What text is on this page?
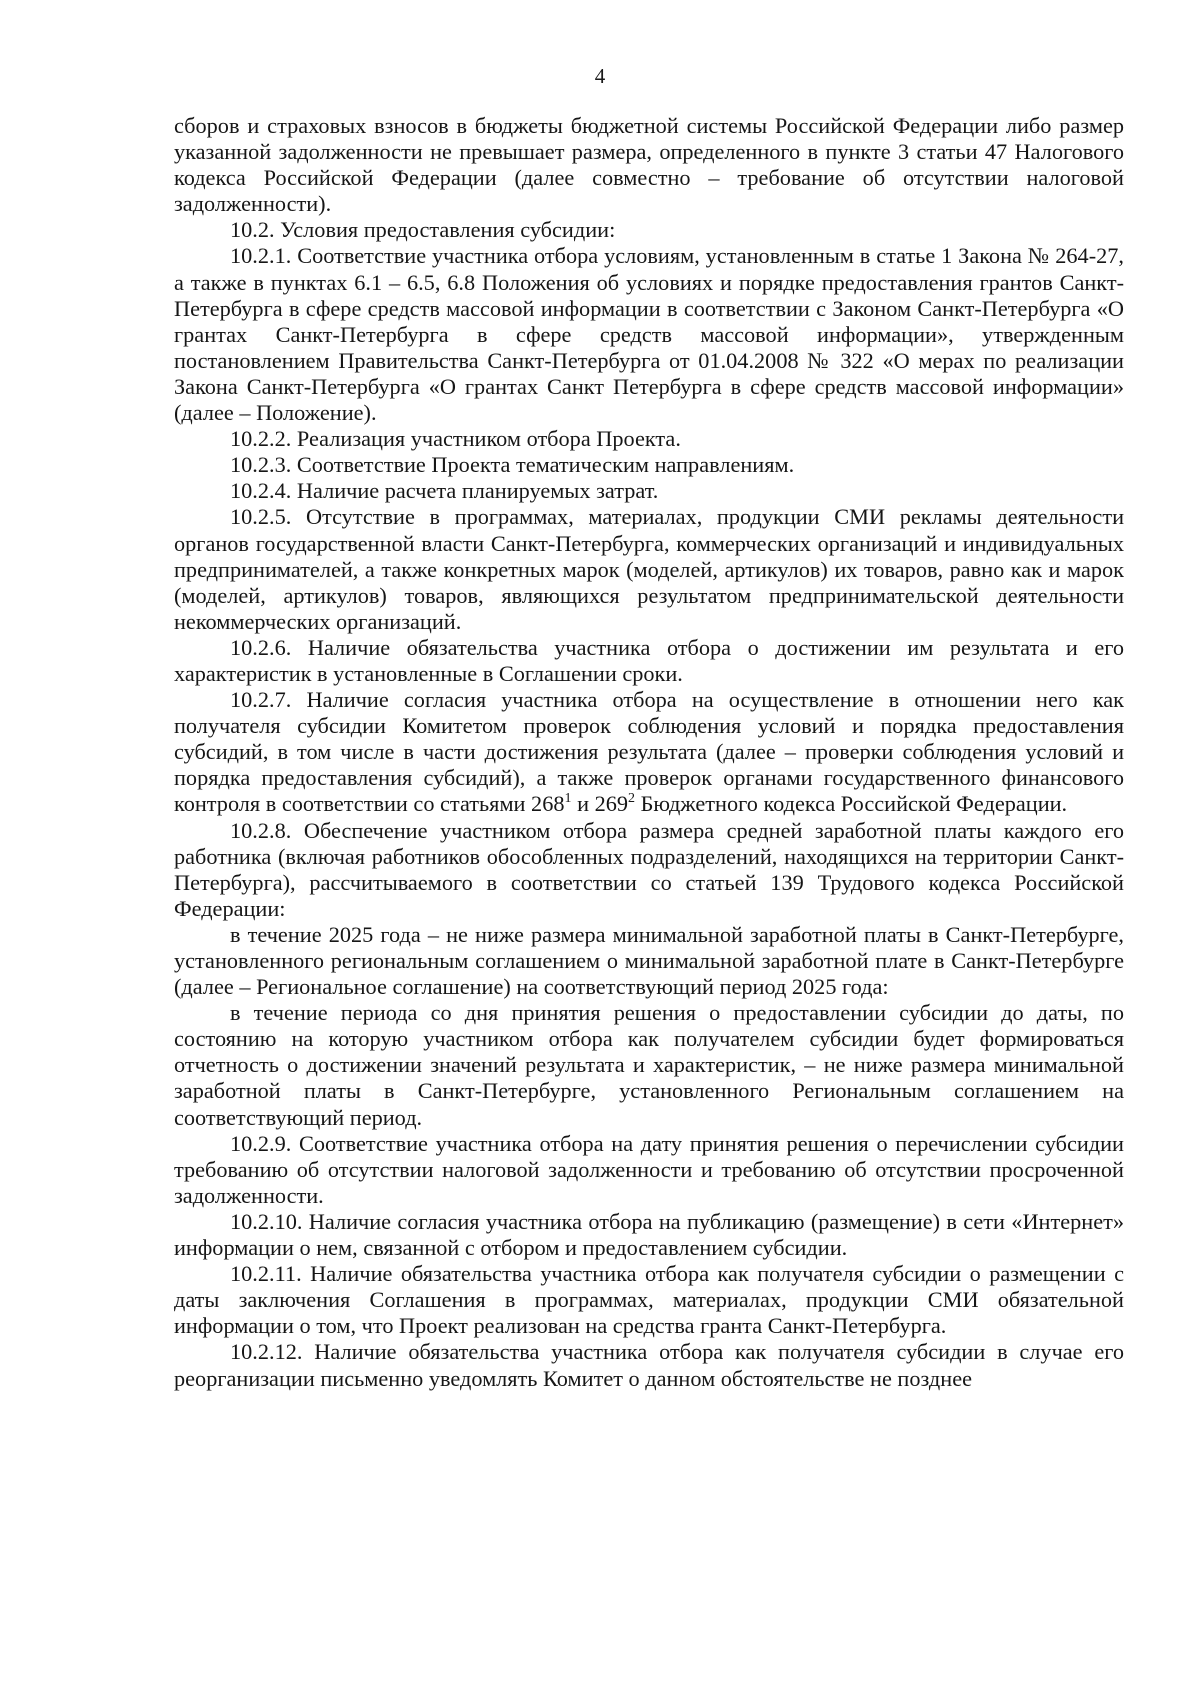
4

сборов и страховых взносов в бюджеты бюджетной системы Российской Федерации либо размер указанной задолженности не превышает размера, определенного в пункте 3 статьи 47 Налогового кодекса Российской Федерации (далее совместно – требование об отсутствии налоговой задолженности).

10.2. Условия предоставления субсидии:

10.2.1. Соответствие участника отбора условиям, установленным в статье 1 Закона № 264-27, а также в пунктах 6.1 – 6.5, 6.8 Положения об условиях и порядке предоставления грантов Санкт-Петербурга в сфере средств массовой информации в соответствии с Законом Санкт-Петербурга «О грантах Санкт-Петербурга в сфере средств массовой информации», утвержденным постановлением Правительства Санкт-Петербурга от 01.04.2008 № 322 «О мерах по реализации Закона Санкт-Петербурга «О грантах Санкт Петербурга в сфере средств массовой информации» (далее – Положение).

10.2.2. Реализация участником отбора Проекта.

10.2.3. Соответствие Проекта тематическим направлениям.

10.2.4. Наличие расчета планируемых затрат.

10.2.5. Отсутствие в программах, материалах, продукции СМИ рекламы деятельности органов государственной власти Санкт-Петербурга, коммерческих организаций и индивидуальных предпринимателей, а также конкретных марок (моделей, артикулов) их товаров, равно как и марок (моделей, артикулов) товаров, являющихся результатом предпринимательской деятельности некоммерческих организаций.

10.2.6. Наличие обязательства участника отбора о достижении им результата и его характеристик в установленные в Соглашении сроки.

10.2.7. Наличие согласия участника отбора на осуществление в отношении него как получателя субсидии Комитетом проверок соблюдения условий и порядка предоставления субсидий, в том числе в части достижения результата (далее – проверки соблюдения условий и порядка предоставления субсидий), а также проверок органами государственного финансового контроля в соответствии со статьями $268^1$ и $269^2$ Бюджетного кодекса Российской Федерации.

10.2.8. Обеспечение участником отбора размера средней заработной платы каждого его работника (включая работников обособленных подразделений, находящихся на территории Санкт-Петербурга), рассчитываемого в соответствии со статьей 139 Трудового кодекса Российской Федерации:

в течение 2025 года – не ниже размера минимальной заработной платы в Санкт-Петербурге, установленного региональным соглашением о минимальной заработной плате в Санкт-Петербурге (далее – Региональное соглашение) на соответствующий период 2025 года:

в течение периода со дня принятия решения о предоставлении субсидии до даты, по состоянию на которую участником отбора как получателем субсидии будет формироваться отчетность о достижении значений результата и характеристик, – не ниже размера минимальной заработной платы в Санкт-Петербурге, установленного Региональным соглашением на соответствующий период.

10.2.9. Соответствие участника отбора на дату принятия решения о перечислении субсидии требованию об отсутствии налоговой задолженности и требованию об отсутствии просроченной задолженности.

10.2.10. Наличие согласия участника отбора на публикацию (размещение) в сети «Интернет» информации о нем, связанной с отбором и предоставлением субсидии.

10.2.11. Наличие обязательства участника отбора как получателя субсидии о размещении с даты заключения Соглашения в программах, материалах, продукции СМИ обязательной информации о том, что Проект реализован на средства гранта Санкт-Петербурга.

10.2.12. Наличие обязательства участника отбора как получателя субсидии в случае его реорганизации письменно уведомлять Комитет о данном обстоятельстве не позднее
